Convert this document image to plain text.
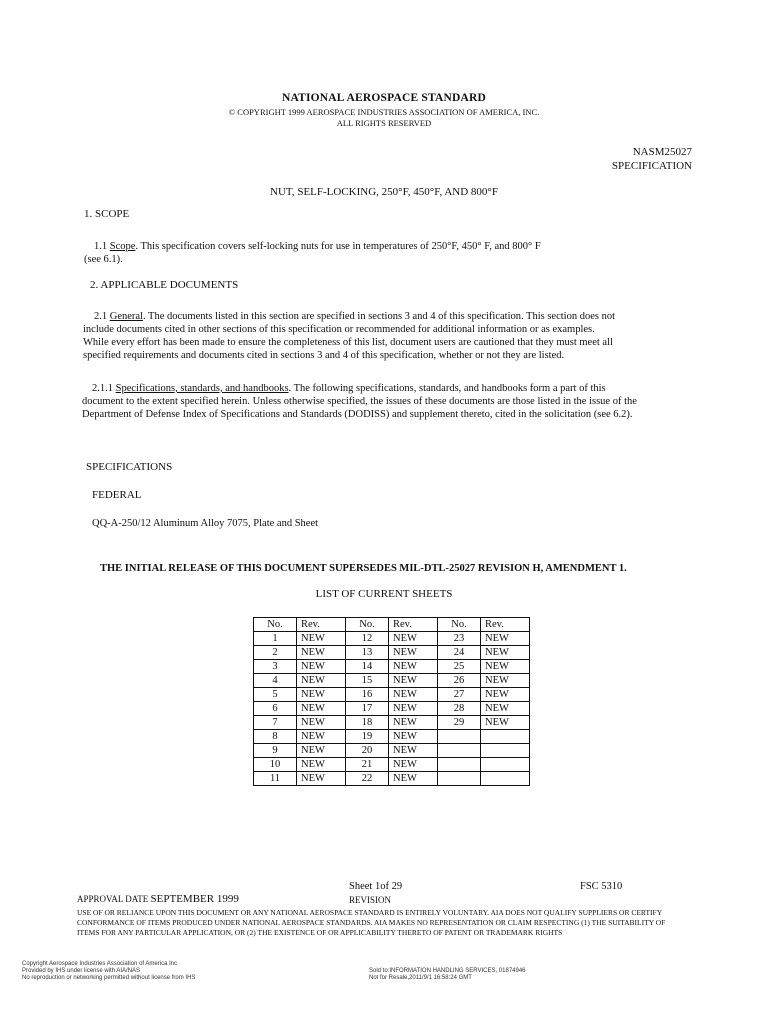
NATIONAL AEROSPACE STANDARD
© COPYRIGHT 1999 AEROSPACE INDUSTRIES ASSOCIATION OF AMERICA, INC.
ALL RIGHTS RESERVED
NASM25027
SPECIFICATION
NUT, SELF-LOCKING, 250°F, 450°F, AND 800°F
1. SCOPE
1.1 Scope. This specification covers self-locking nuts for use in temperatures of 250°F, 450° F, and 800° F
(see 6.1).
2. APPLICABLE DOCUMENTS
2.1 General. The documents listed in this section are specified in sections 3 and 4 of this specification. This section does not
include documents cited in other sections of this specification or recommended for additional information or as examples.
While every effort has been made to ensure the completeness of this list, document users are cautioned that they must meet all
specified requirements and documents cited in sections 3 and 4 of this specification, whether or not they are listed.
2.1.1 Specifications, standards, and handbooks. The following specifications, standards, and handbooks form a part of this
document to the extent specified herein. Unless otherwise specified, the issues of these documents are those listed in the issue of the
Department of Defense Index of Specifications and Standards (DODISS) and supplement thereto, cited in the solicitation (see 6.2).
SPECIFICATIONS
FEDERAL
QQ-A-250/12 Aluminum Alloy 7075, Plate and Sheet
THE INITIAL RELEASE OF THIS DOCUMENT SUPERSEDES MIL-DTL-25027 REVISION H, AMENDMENT 1.
LIST OF CURRENT SHEETS
No.	Rev.	No.	Rev.	No.	Rev.
1	NEW	12	NEW	23	NEW
2	NEW	13	NEW	24	NEW
3	NEW	14	NEW	25	NEW
4	NEW	15	NEW	26	NEW
5	NEW	16	NEW	27	NEW
6	NEW	17	NEW	28	NEW
7	NEW	18	NEW	29	NEW
8	NEW	19	NEW		
9	NEW	20	NEW		
10	NEW	21	NEW		
11	NEW	22	NEW		
Sheet 1of 29	FSC 5310
APPROVAL DATE SEPTEMBER 1999	REVISION
USE OF OR RELIANCE UPON THIS DOCUMENT OR ANY NATIONAL AEROSPACE STANDARD IS ENTIRELY VOLUNTARY. AIA DOES NOT QUALIFY SUPPLIERS OR CERTIFY
CONFORMANCE OF ITEMS PRODUCED UNDER NATIONAL AEROSPACE STANDARDS. AIA MAKES NO REPRESENTATION OR CLAIM RESPECTING (1) THE SUITABILITY OF
ITEMS FOR ANY PARTICULAR APPLICATION, OR (2) THE EXISTENCE OF OR APPLICABILITY THERETO OF PATENT OR TRADEMARK RIGHTS
Copyright Aerospace Industries Association of America Inc
Provided by IHS under license with AIA/NAS
No reproduction or networking permitted without license from IHS
Sold to:INFORMATION HANDLING SERVICES, 01874946
Not for Resale,2011/9/1 16:58:24 GMT
